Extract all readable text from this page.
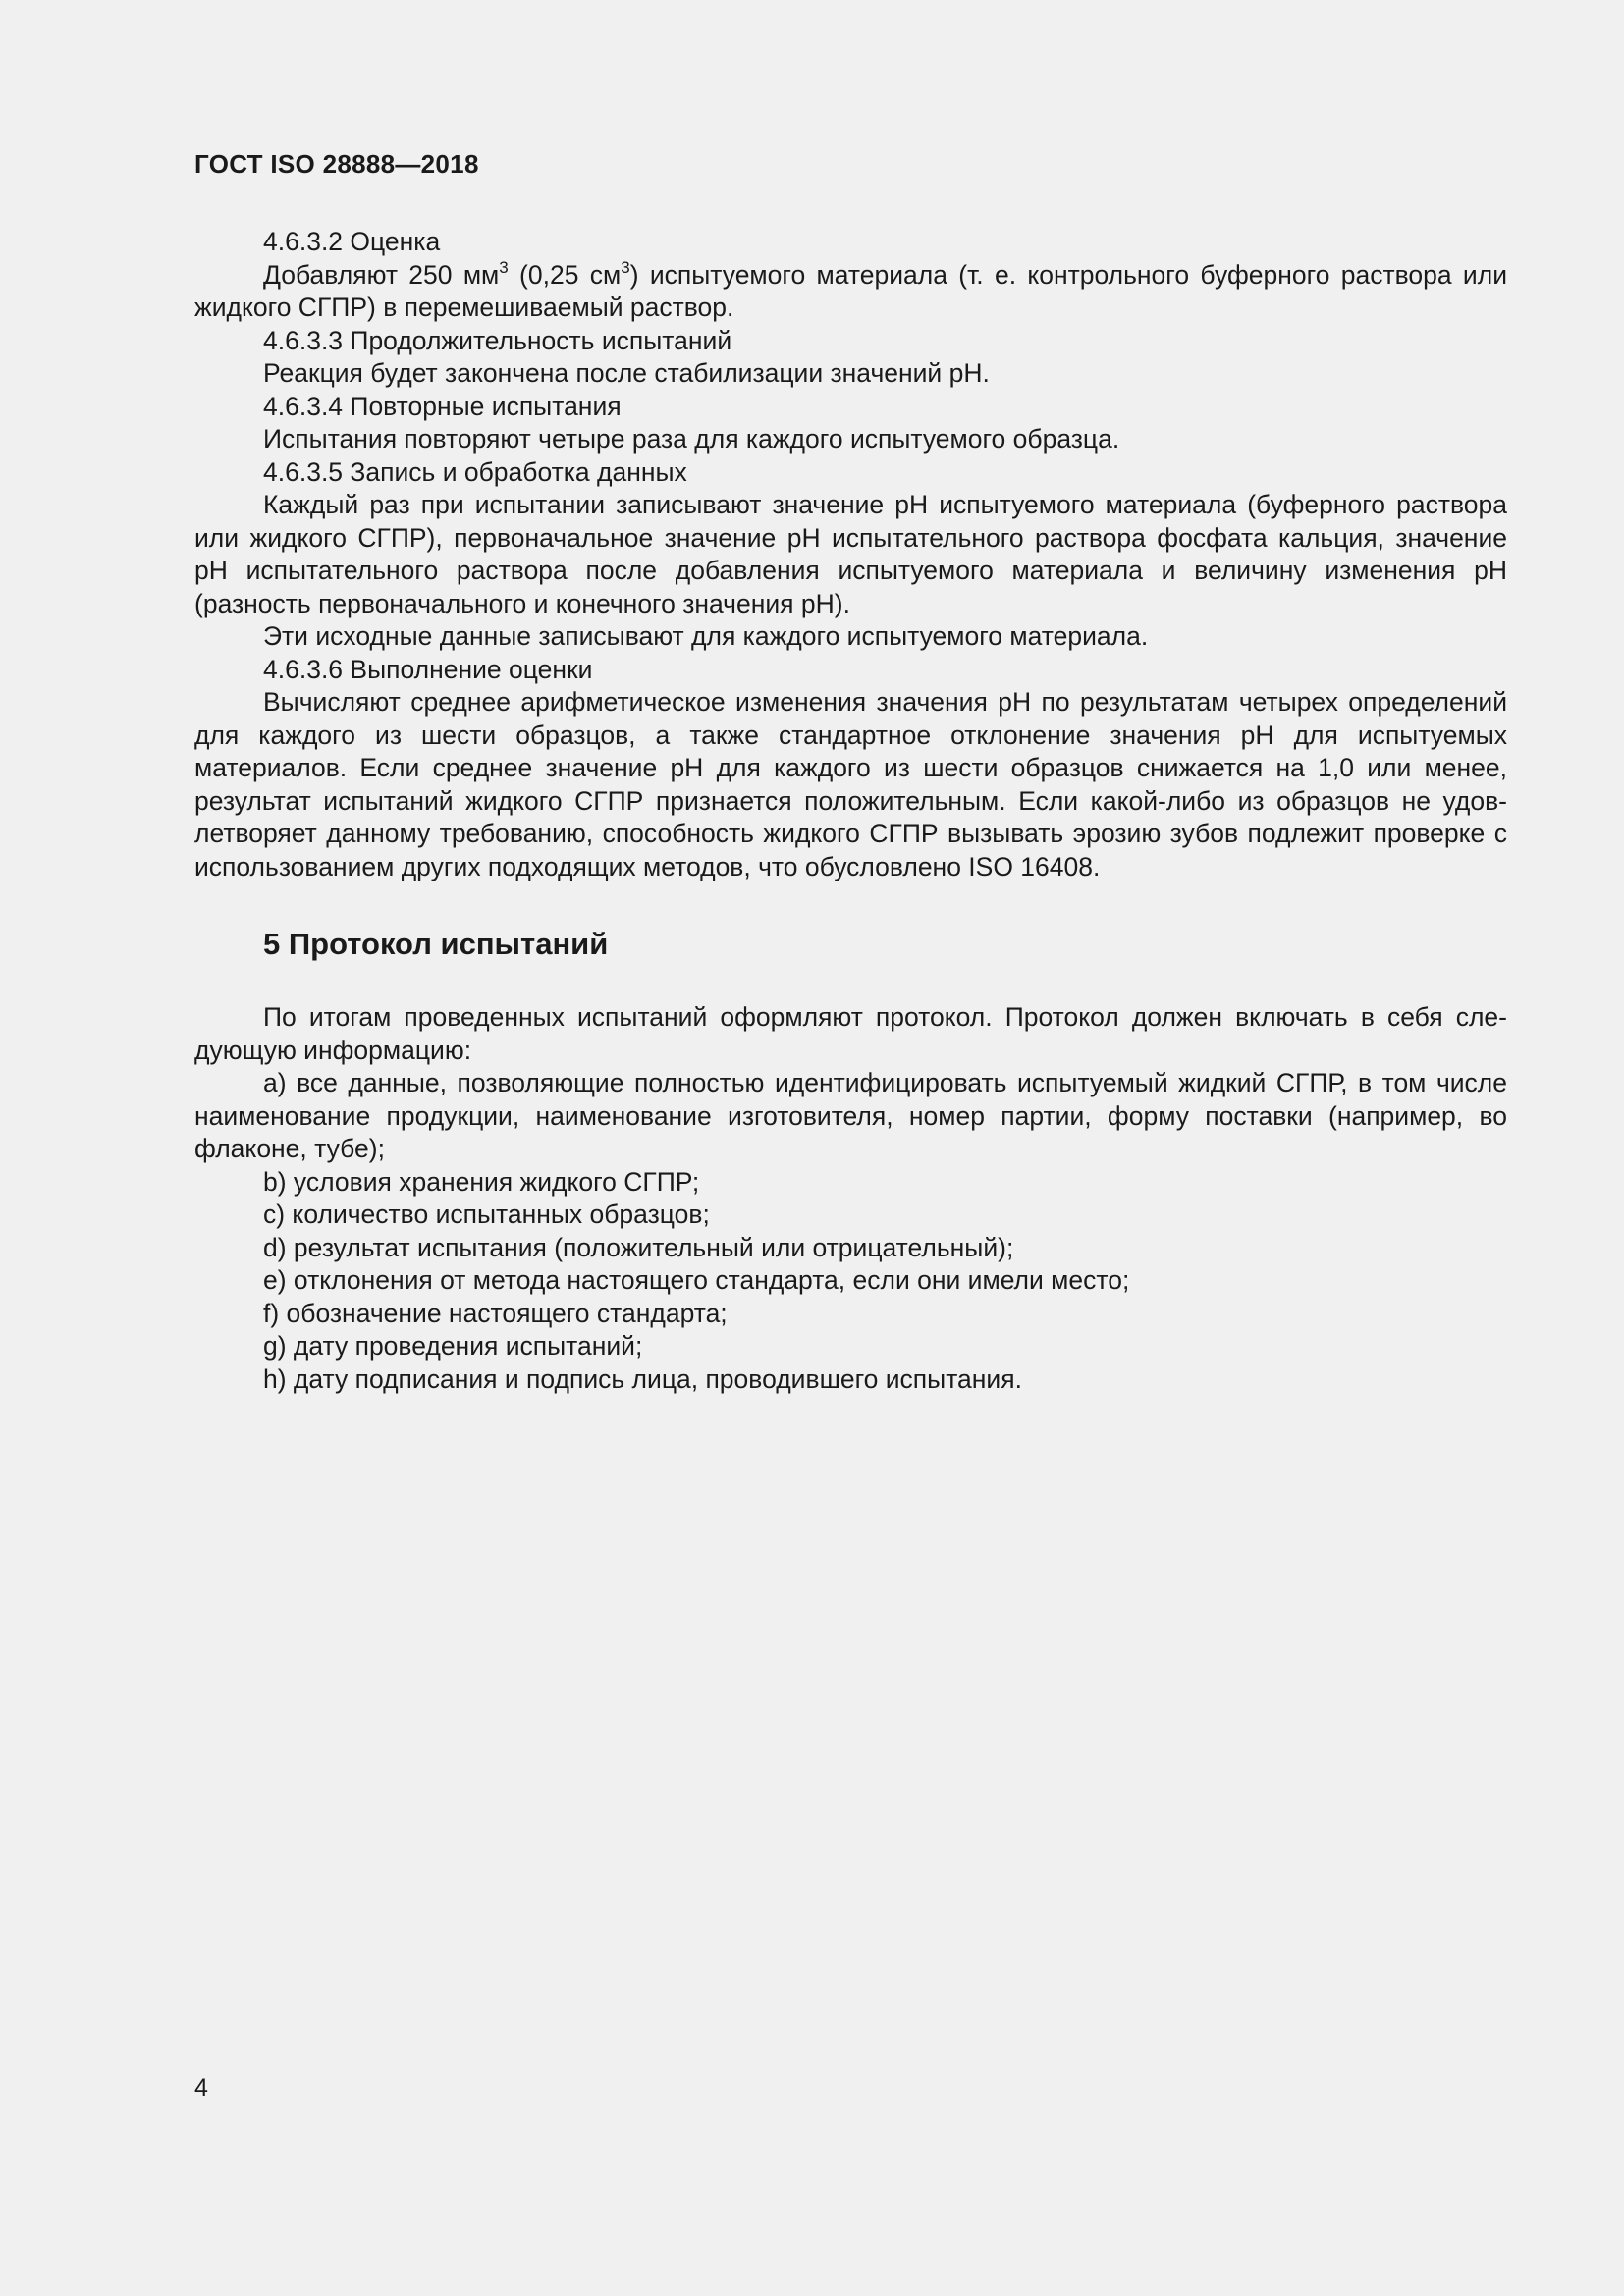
ГОСТ ISO 28888—2018

4.6.3.2 Оценка

Добавляют 250 $мм^3$ (0,25 $см^3$) испытуемого материала (т. е. контрольного буферного раствора или жидкого СГПР) в перемешиваемый раствор.

4.6.3.3 Продолжительность испытаний

Реакция будет закончена после стабилизации значений pH.

4.6.3.4 Повторные испытания

Испытания повторяют четыре раза для каждого испытуемого образца.

4.6.3.5 Запись и обработка данных

Каждый раз при испытании записывают значение pH испытуемого материала (буферного раствора или жидкого СГПР), первоначальное значение pH испытательного раствора фосфата кальция, значение pH испытательного раствора после добавления испытуемого материала и величину изменения pH (разность первоначального и конечного значения pH).

Эти исходные данные записывают для каждого испытуемого материала.

4.6.3.6 Выполнение оценки

Вычисляют среднее арифметическое изменения значения pH по результатам четырех определений для каждого из шести образцов, а также стандартное отклонение значения pH для испытуемых материалов. Если среднее значение pH для каждого из шести образцов снижается на 1,0 или менее, результат испытаний жидкого СГПР признается положительным. Если какой-либо из образцов не удовлетворяет данному требованию, способность жидкого СГПР вызывать эрозию зубов подлежит проверке с использованием других подходящих методов, что обусловлено ISO 16408.

5 Протокол испытаний

По итогам проведенных испытаний оформляют протокол. Протокол должен включать в себя следующую информацию:

a) все данные, позволяющие полностью идентифицировать испытуемый жидкий СГПР, в том числе наименование продукции, наименование изготовителя, номер партии, форму поставки (например, во флаконе, тубе);

b) условия хранения жидкого СГПР;

c) количество испытанных образцов;

d) результат испытания (положительный или отрицательный);

e) отклонения от метода настоящего стандарта, если они имели место;

f) обозначение настоящего стандарта;

g) дату проведения испытаний;

h) дату подписания и подпись лица, проводившего испытания.

4
